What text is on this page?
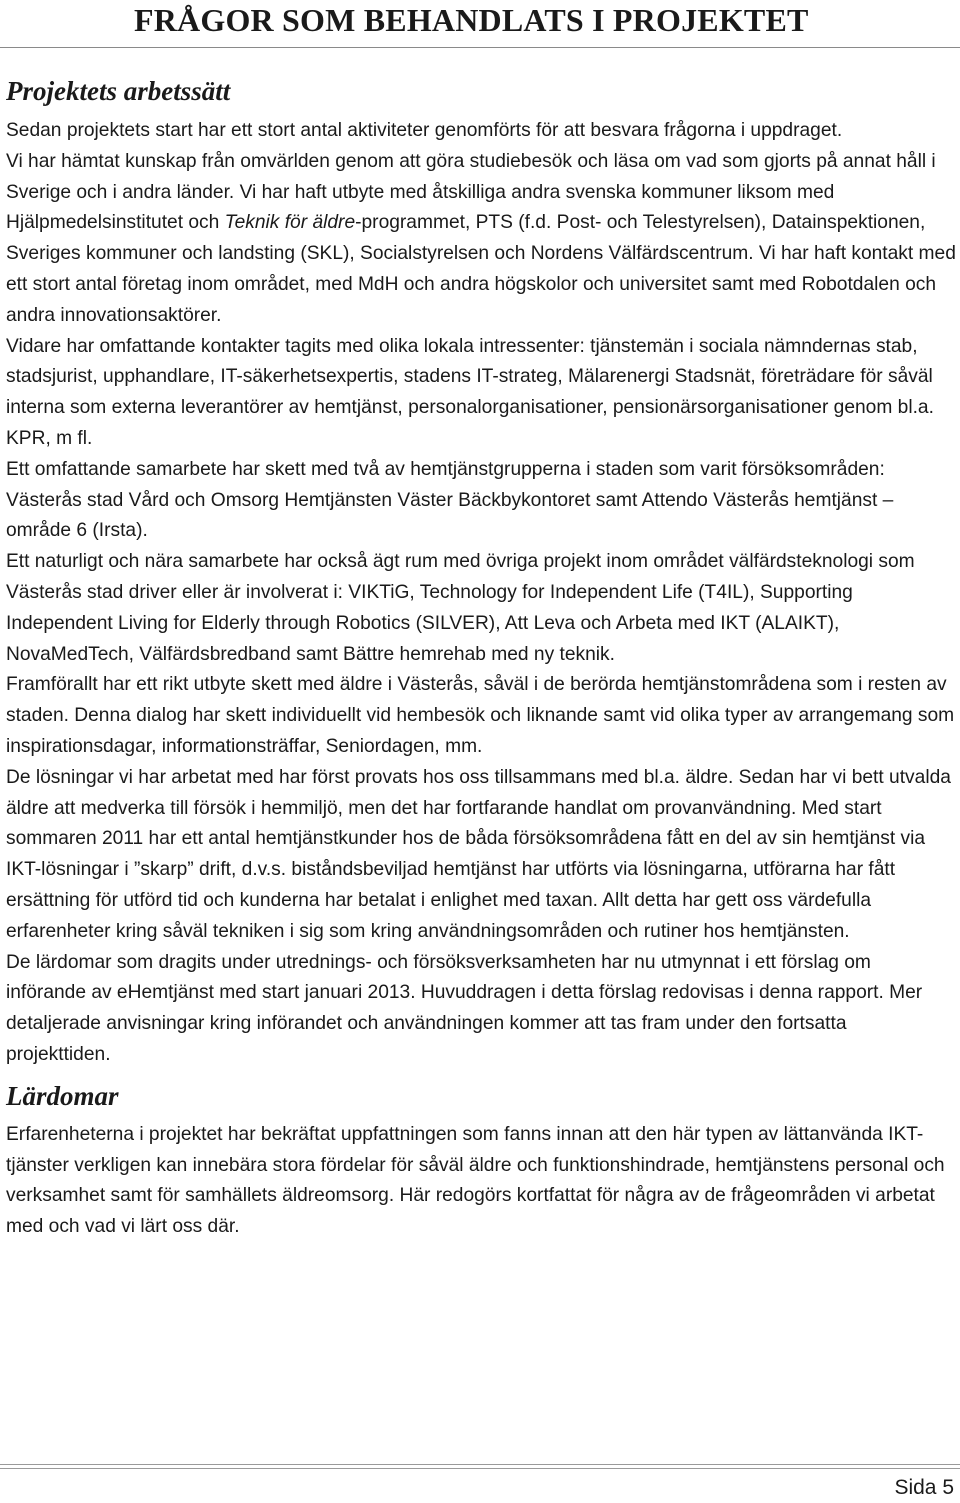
FRÅGOR SOM BEHANDLATS I PROJEKTET
Projektets arbetssätt

Sedan projektets start har ett stort antal aktiviteter genomförts för att besvara frågorna i uppdraget.

Vi har hämtat kunskap från omvärlden genom att göra studiebesök och läsa om vad som gjorts på annat håll i Sverige och i andra länder. Vi har haft utbyte med åtskilliga andra svenska kommuner liksom med Hjälpmedelsinstitutet och Teknik för äldre-programmet, PTS (f.d. Post- och Telestyrelsen), Datainspektionen, Sveriges kommuner och landsting (SKL), Socialstyrelsen och Nordens Välfärdscentrum. Vi har haft kontakt med ett stort antal företag inom området, med MdH och andra högskolor och universitet samt med Robotdalen och andra innovationsaktörer.

Vidare har omfattande kontakter tagits med olika lokala intressenter: tjänstemän i sociala nämndernas stab, stadsjurist, upphandlare, IT-säkerhetsexpertis, stadens IT-strateg, Mälarenergi Stadsnät, företrädare för såväl interna som externa leverantörer av hemtjänst, personalorganisationer, pensionärsorganisationer genom bl.a. KPR, m fl.

Ett omfattande samarbete har skett med två av hemtjänstgrupperna i staden som varit försöksområden: Västerås stad Vård och Omsorg Hemtjänsten Väster Bäckbykontoret samt Attendo Västerås hemtjänst – område 6 (Irsta).

Ett naturligt och nära samarbete har också ägt rum med övriga projekt inom området välfärdsteknologi som Västerås stad driver eller är involverat i: VIKTiG, Technology for Independent Life (T4IL), Supporting Independent Living for Elderly through Robotics (SILVER), Att Leva och Arbeta med IKT (ALAIKT), NovaMedTech, Välfärdsbredband samt Bättre hemrehab med ny teknik.

Framförallt har ett rikt utbyte skett med äldre i Västerås, såväl i de berörda hemtjänstområdena som i resten av staden. Denna dialog har skett individuellt vid hembesök och liknande samt vid olika typer av arrangemang som inspirationsdagar, informationsträffar, Seniordagen, mm.

De lösningar vi har arbetat med har först provats hos oss tillsammans med bl.a. äldre. Sedan har vi bett utvalda äldre att medverka till försök i hemmiljö, men det har fortfarande handlat om provanvändning. Med start sommaren 2011 har ett antal hemtjänstkunder hos de båda försöksområdena fått en del av sin hemtjänst via IKT-lösningar i ”skarp” drift, d.v.s. biståndsbeviljad hemtjänst har utförts via lösningarna, utförarna har fått ersättning för utförd tid och kunderna har betalat i enlighet med taxan. Allt detta har gett oss värdefulla erfarenheter kring såväl tekniken i sig som kring användningsområden och rutiner hos hemtjänsten.

De lärdomar som dragits under utrednings- och försöksverksamheten har nu utmynnat i ett förslag om införande av eHemtjänst med start januari 2013. Huvuddragen i detta förslag redovisas i denna rapport. Mer detaljerade anvisningar kring införandet och användningen kommer att tas fram under den fortsatta projekttiden.

Lärdomar

Erfarenheterna i projektet har bekräftat uppfattningen som fanns innan att den här typen av lättanvända IKT-tjänster verkligen kan innebära stora fördelar för såväl äldre och funktionshindrade, hemtjänstens personal och verksamhet samt för samhällets äldreomsorg. Här redogörs kortfattat för några av de frågeområden vi arbetat med och vad vi lärt oss där.

Sida 5
